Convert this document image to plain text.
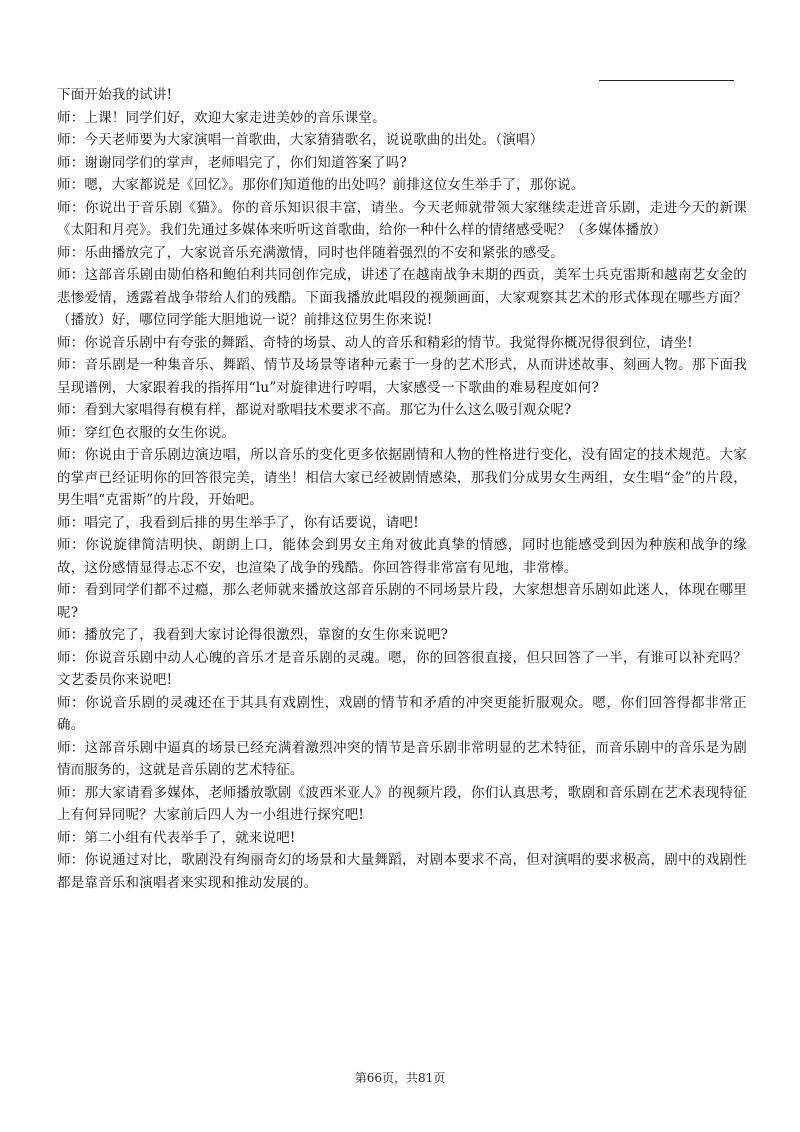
下面开始我的试讲!

师：上课！同学们好，欢迎大家走进美妙的音乐课堂。

师：今天老师要为大家演唱一首歌曲，大家猜猜歌名，说说歌曲的出处。（演唱）

师：谢谢同学们的掌声，老师唱完了，你们知道答案了吗?

师：嗯，大家都说是《回忆》。那你们知道他的出处吗？前排这位女生举手了，那你说。

师：你说出于音乐剧《猫》。你的音乐知识很丰富，请坐。今天老师就带领大家继续走进音乐剧，走进今天的新课《太阳和月亮》。我们先通过多媒体来听听这首歌曲，给你一种什么样的情绪感受呢？（多媒体播放）

师：乐曲播放完了，大家说音乐充满激情，同时也伴随着强烈的不安和紧张的感受。

师：这部音乐剧由勋伯格和鲍伯利共同创作完成，讲述了在越南战争末期的西贡，美军士兵克雷斯和越南艺女金的悲惨爱情，透露着战争带给人们的残酷。下面我播放此唱段的视频画面，大家观察其艺术的形式体现在哪些方面？（播放）好，哪位同学能大胆地说一说？前排这位男生你来说!

师：你说音乐剧中有夸张的舞蹈、奇特的场景、动人的音乐和精彩的情节。我觉得你概况得很到位，请坐!

师：音乐剧是一种集音乐、舞蹈、情节及场景等诸种元素于一身的艺术形式，从而讲述故事、刻画人物。那下面我呈现谱例，大家跟着我的指挥用“lu”对旋律进行哼唱，大家感受一下歌曲的难易程度如何?

师：看到大家唱得有模有样，都说对歌唱技术要求不高。那它为什么这么吸引观众呢?

师：穿红色衣服的女生你说。

师：你说由于音乐剧边演边唱，所以音乐的变化更多依据剧情和人物的性格进行变化，没有固定的技术规范。大家的掌声已经证明你的回答很完美，请坐！相信大家已经被剧情感染，那我们分成男女生两组，女生唱“金”的片段，男生唱“克雷斯”的片段，开始吧。

师：唱完了，我看到后排的男生举手了，你有话要说，请吧!

师：你说旋律简洁明快、朗朗上口，能体会到男女主角对彼此真挚的情感，同时也能感受到因为种族和战争的缘故，这份感情显得忐忑不安，也渲染了战争的残酷。你回答得非常富有见地，非常棒。

师：看到同学们都不过瘾，那么老师就来播放这部音乐剧的不同场景片段，大家想想音乐剧如此迷人，体现在哪里呢?

师：播放完了，我看到大家讨论得很激烈，靠窗的女生你来说吧?

师：你说音乐剧中动人心魄的音乐才是音乐剧的灵魂。嗯，你的回答很直接，但只回答了一半，有谁可以补充吗？文艺委员你来说吧!

师：你说音乐剧的灵魂还在于其具有戏剧性，戏剧的情节和矛盾的冲突更能折服观众。嗯，你们回答得都非常正确。

师：这部音乐剧中逼真的场景已经充满着激烈冲突的情节是音乐剧非常明显的艺术特征，而音乐剧中的音乐是为剧情而服务的，这就是音乐剧的艺术特征。

师：那大家请看多媒体，老师播放歌剧《波西米亚人》的视频片段，你们认真思考，歌剧和音乐剧在艺术表现特征上有何异同呢？大家前后四人为一小组进行探究吧!

师：第二小组有代表举手了，就来说吧!

师：你说通过对比，歌剧没有绚丽奇幻的场景和大量舞蹈，对剧本要求不高，但对演唱的要求极高，剧中的戏剧性都是靠音乐和演唱者来实现和推动发展的。

第66页，共81页
